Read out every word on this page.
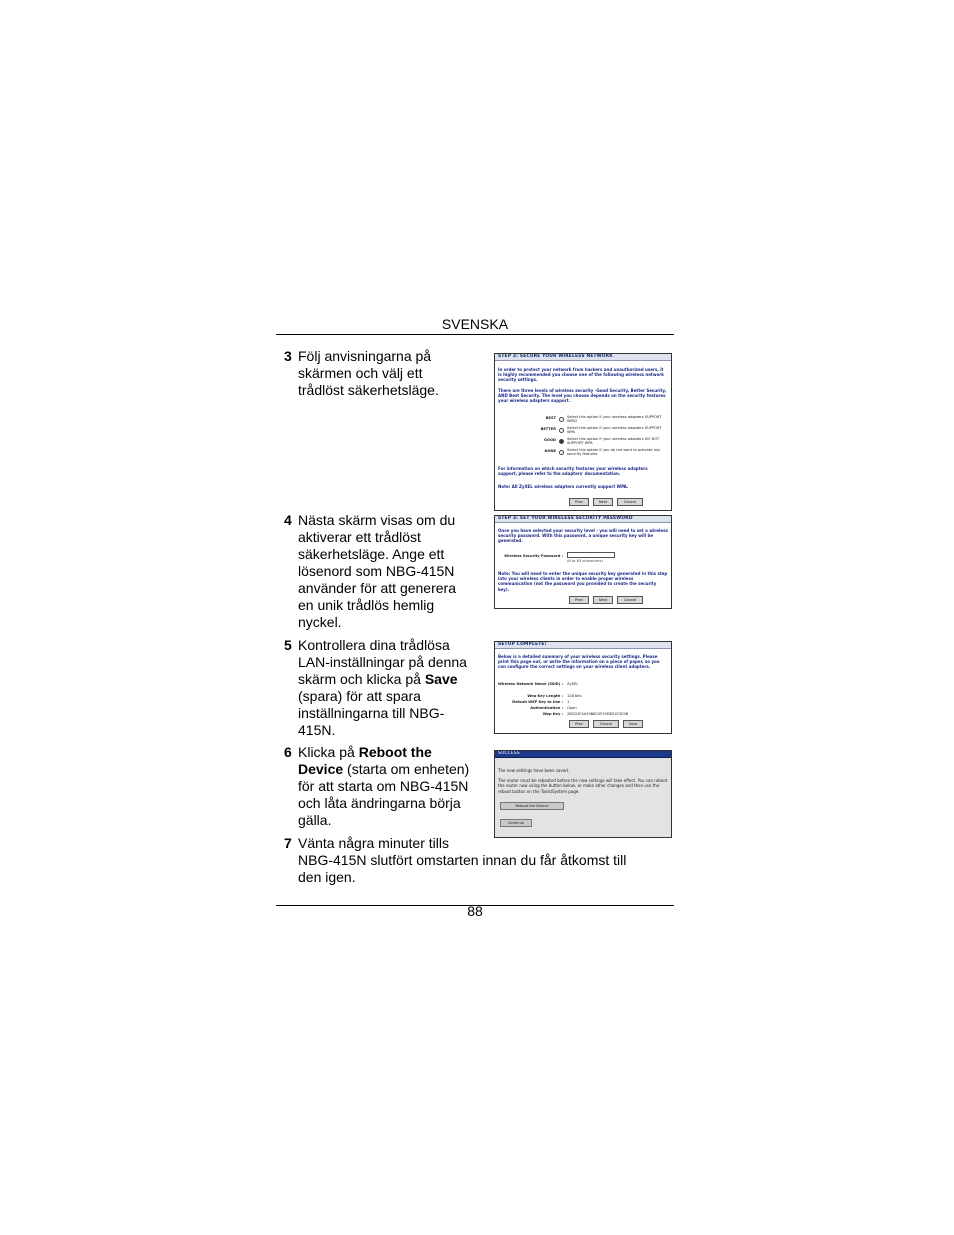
SVENSKA
88
3 Följ anvisningarna på
skärmen och välj ett
trådlöst säkerhetsläge.
4 Nästa skärm visas om du
aktiverar ett trådlöst
säkerhetsläge. Ange ett
lösenord som NBG-415N
använder för att generera
en unik trådlös hemlig
nyckel.
5 Kontrollera dina trådlösa
LAN-inställningar på denna
skärm och klicka på Save
(spara) för att spara
inställningarna till NBG-
415N.
6 Klicka på Reboot the
Device (starta om enheten)
för att starta om NBG-415N
och låta ändringarna börja
gälla.
7 Vänta några minuter tills
NBG-415N slutfört omstarten innan du får åtkomst till
den igen.
STEP 2: SECURE YOUR WIRELESS NETWORK

In order to protect your network from hackers and unauthorized users, it is highly recommended you choose one of the following wireless network security settings.

There are three levels of wireless security -Good Security, Better Security, AND Best Security. The level you choose depends on the security features your wireless adapters support.

BEST	Select this option if your wireless adapters SUPPORT WPA2
BETTER	Select this option if your wireless adapters SUPPORT WPA
GOOD	Select this option if your wireless adapters DO NOT SUPPORT WPA
NONE	Select this option if you do not want to activate any security features

For information on which security features your wireless adapters support, please refer to the adapters' documentation.

Note: All ZyXEL wireless adapters currently support WPA.

Prev	Next	Cancel
STEP 3: SET YOUR WIRELESS SECURITY PASSWORD

Once you have selected your security level - you will need to set a wireless security password. With this password, a unique security key will be generated.

Wireless Security Password :
(8 to 63 characters)

Note: You will need to enter the unique security key generated in this step into your wireless clients in order to enable proper wireless communication (not the password you provided to create the security key).

Prev	Next	Cancel
SETUP COMPLETE!

Below is a detailed summary of your wireless security settings. Please print this page out, or write the information on a piece of paper, so you can configure the correct settings on your wireless client adapters.

Wireless Network Name (SSID) : ZyXEL
Wep Key Length : 128 bits
Default WEP Key to Use : 1
Authentication : Open
Wep Key : 2BCD1F4A93B8C0F55E6D1E3C0B
Prev	Cancel	Save
SUCCESS

The new settings have been saved.

The router must be rebooted before the new settings will take effect. You can reboot the router now using the button below, or make other changes and then use the reboot button on the Tools/System page.

Reboot the Device
Continue
